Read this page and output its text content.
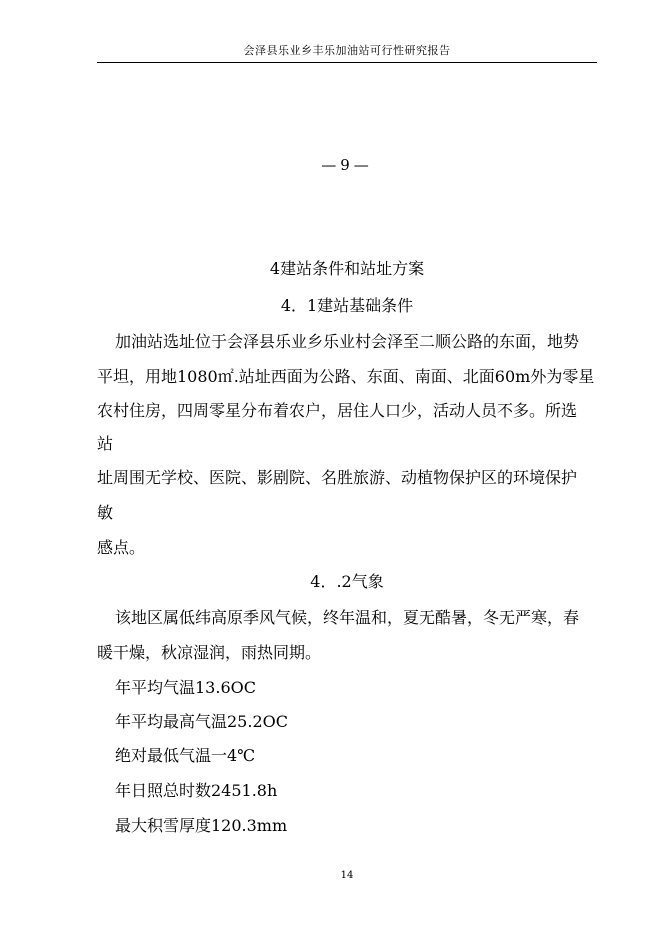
会泽县乐业乡丰乐加油站可行性研究报告
—9—
4建站条件和站址方案
4．1建站基础条件
加油站选址位于会泽县乐业乡乐业村会泽至二顺公路的东面，地势
平坦，用地1080㎡.站址西面为公路、东面、南面、北面60m外为零星
农村住房，四周零星分布着农户，居住人口少，活动人员不多。所选
站
址周围无学校、医院、影剧院、名胜旅游、动植物保护区的环境保护
敏
感点。
4．.2气象
该地区属低纬高原季风气候，终年温和，夏无酷暑，冬无严寒，春
暖干燥，秋凉湿润，雨热同期。
年平均气温13.6OC
年平均最高气温25.2OC
绝对最低气温一4℃
年日照总时数2451.8h
最大积雪厚度120.3mm
14
